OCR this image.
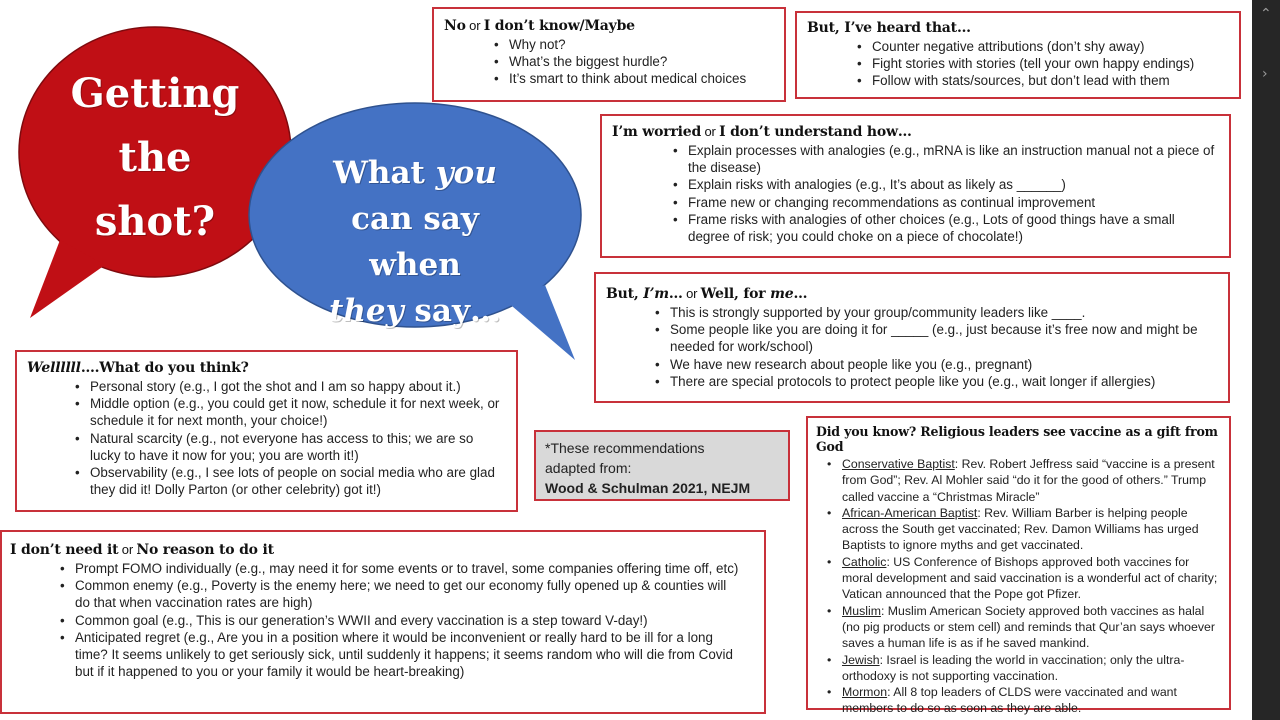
Getting
the
shot?
What you
can say when
they say…
No or I don’t know/Maybe
• Why not?
• What’s the biggest hurdle?
• It’s smart to think about medical choices
But, I’ve heard that…
• Counter negative attributions (don’t shy away)
• Fight stories with stories (tell your own happy endings)
• Follow with stats/sources, but don’t lead with them
I’m worried or I don’t understand how…
• Explain processes with analogies (e.g., mRNA is like an instruction manual not a piece of the disease)
• Explain risks with analogies (e.g., It’s about as likely as ______)
• Frame new or changing recommendations as continual improvement
• Frame risks with analogies of other choices (e.g., Lots of good things have a small degree of risk; you could choke on a piece of chocolate!)
But, I’m… or Well, for me…
• This is strongly supported by your group/community leaders like ____.
• Some people like you are doing it for _____ (e.g., just because it’s free now and might be needed for work/school)
• We have new research about people like you (e.g., pregnant)
• There are special protocols to protect people like you (e.g., wait longer if allergies)
Wellllll….What do you think?
• Personal story (e.g., I got the shot and I am so happy about it.)
• Middle option (e.g., you could get it now, schedule it for next week, or schedule it for next month, your choice!)
• Natural scarcity (e.g., not everyone has access to this; we are so lucky to have it now for you; you are worth it!)
• Observability (e.g., I see lots of people on social media who are glad they did it! Dolly Parton (or other celebrity) got it!)
*These recommendations
adapted from:
Wood & Schulman 2021, NEJM
I don’t need it or No reason to do it
• Prompt FOMO individually (e.g., may need it for some events or to travel, some companies offering time off, etc)
• Common enemy (e.g., Poverty is the enemy here; we need to get our economy fully opened up & counties will do that when vaccination rates are high)
• Common goal (e.g., This is our generation’s WWII and every vaccination is a step toward V-day!)
• Anticipated regret (e.g., Are you in a position where it would be inconvenient or really hard to be ill for a long time? It seems unlikely to get seriously sick, until suddenly it happens; it seems random who will die from Covid but if it happened to you or your family it would be heart-breaking)
Did you know? Religious leaders see vaccine as a gift from God
• Conservative Baptist: Rev. Robert Jeffress said “vaccine is a present from God”; Rev. Al Mohler said “do it for the good of others.” Trump called vaccine a “Christmas Miracle”
• African-American Baptist: Rev. William Barber is helping people across the South get vaccinated; Rev. Damon Williams has urged Baptists to ignore myths and get vaccinated.
• Catholic: US Conference of Bishops approved both vaccines for moral development and said vaccination is a wonderful act of charity; Vatican announced that the Pope got Pfizer.
• Muslim: Muslim American Society approved both vaccines as halal (no pig products or stem cell) and reminds that Qur’an says whoever saves a human life is as if he saved mankind.
• Jewish: Israel is leading the world in vaccination; only the ultra-orthodoxy is not supporting vaccination.
• Mormon: All 8 top leaders of CLDS were vaccinated and want members to do so as soon as they are able.
⌃
›
